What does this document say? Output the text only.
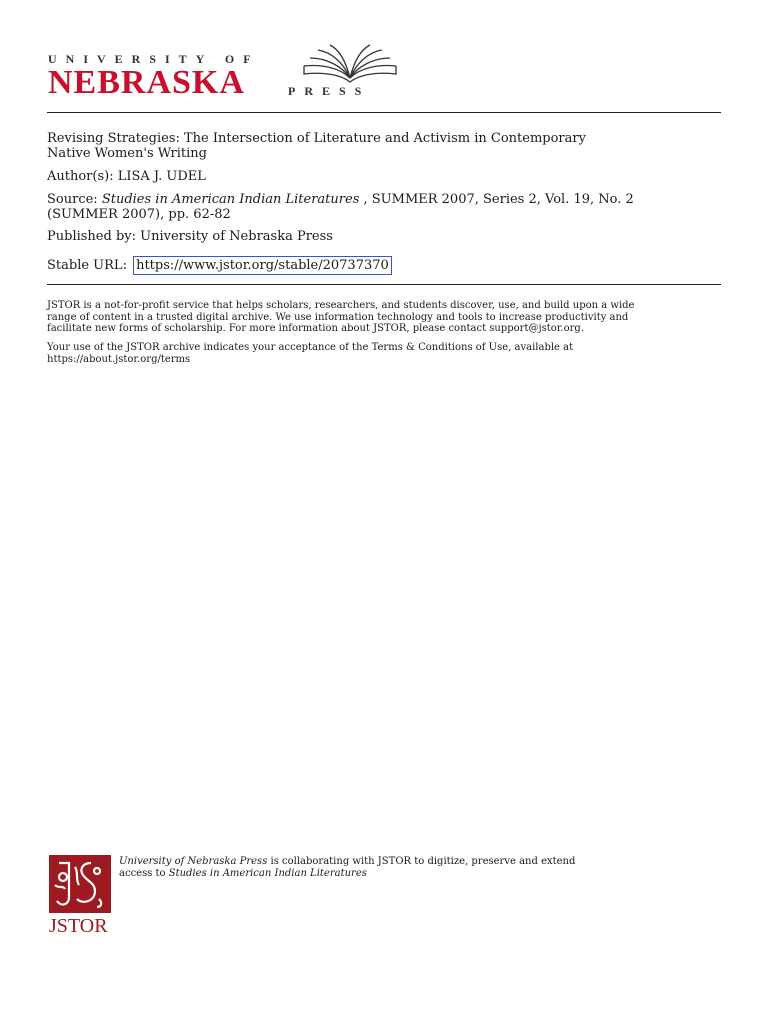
UNIVERSITY OF
NEBRASKA	PRESS
Revising Strategies: The Intersection of Literature and Activism in Contemporary
Native Women's Writing
Author(s): LISA J. UDEL
Source: Studies in American Indian Literatures , SUMMER 2007, Series 2, Vol. 19, No. 2
(SUMMER 2007), pp. 62-82
Published by: University of Nebraska Press
Stable URL: https://www.jstor.org/stable/20737370
JSTOR is a not-for-profit service that helps scholars, researchers, and students discover, use, and build upon a wide
range of content in a trusted digital archive. We use information technology and tools to increase productivity and
facilitate new forms of scholarship. For more information about JSTOR, please contact support@jstor.org.
Your use of the JSTOR archive indicates your acceptance of the Terms & Conditions of Use, available at
https://about.jstor.org/terms
JSTOR
University of Nebraska Press is collaborating with JSTOR to digitize, preserve and extend
access to Studies in American Indian Literatures
